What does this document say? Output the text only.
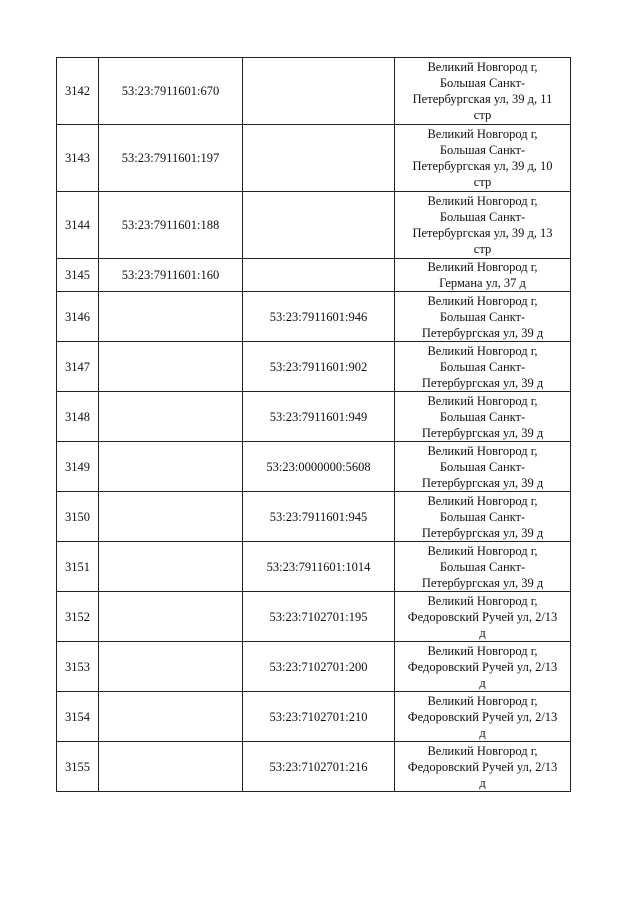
3142	53:23:7911601:670		Великий Новгород г,
Большая Санкт-
Петербургская ул, 39 д, 11
стр

3143	53:23:7911601:197		Великий Новгород г,
Большая Санкт-
Петербургская ул, 39 д, 10
стр

3144	53:23:7911601:188		Великий Новгород г,
Большая Санкт-
Петербургская ул, 39 д, 13
стр

3145	53:23:7911601:160		Великий Новгород г,
Германа ул, 37 д

3146		53:23:7911601:946	Великий Новгород г,
Большая Санкт-
Петербургская ул, 39 д

3147		53:23:7911601:902	Великий Новгород г,
Большая Санкт-
Петербургская ул, 39 д

3148		53:23:7911601:949	Великий Новгород г,
Большая Санкт-
Петербургская ул, 39 д

3149		53:23:0000000:5608	Великий Новгород г,
Большая Санкт-
Петербургская ул, 39 д

3150		53:23:7911601:945	Великий Новгород г,
Большая Санкт-
Петербургская ул, 39 д

3151		53:23:7911601:1014	Великий Новгород г,
Большая Санкт-
Петербургская ул, 39 д

3152		53:23:7102701:195	Великий Новгород г,
Федоровский Ручей ул, 2/13
д

3153		53:23:7102701:200	Великий Новгород г,
Федоровский Ручей ул, 2/13
д

3154		53:23:7102701:210	Великий Новгород г,
Федоровский Ручей ул, 2/13
д

3155		53:23:7102701:216	Великий Новгород г,
Федоровский Ручей ул, 2/13
д
